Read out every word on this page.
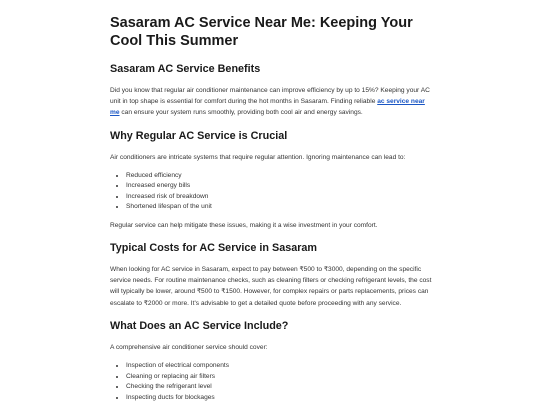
Sasaram AC Service Near Me: Keeping Your Cool This Summer
Sasaram AC Service Benefits

Did you know that regular air conditioner maintenance can improve efficiency by up to 15%? Keeping your AC unit in top shape is essential for comfort during the hot months in Sasaram. Finding reliable ac service near me can ensure your system runs smoothly, providing both cool air and energy savings.

Why Regular AC Service is Crucial

Air conditioners are intricate systems that require regular attention. Ignoring maintenance can lead to:

• Reduced efficiency
• Increased energy bills
• Increased risk of breakdown
• Shortened lifespan of the unit

Regular service can help mitigate these issues, making it a wise investment in your comfort.

Typical Costs for AC Service in Sasaram

When looking for AC service in Sasaram, expect to pay between ₹500 to ₹3000, depending on the specific service needs. For routine maintenance checks, such as cleaning filters or checking refrigerant levels, the cost will typically be lower, around ₹500 to ₹1500. However, for complex repairs or parts replacements, prices can escalate to ₹2000 or more. It's advisable to get a detailed quote before proceeding with any service.

What Does an AC Service Include?

A comprehensive air conditioner service should cover:

• Inspection of electrical components
• Cleaning or replacing air filters
• Checking the refrigerant level
• Inspecting ducts for blockages
